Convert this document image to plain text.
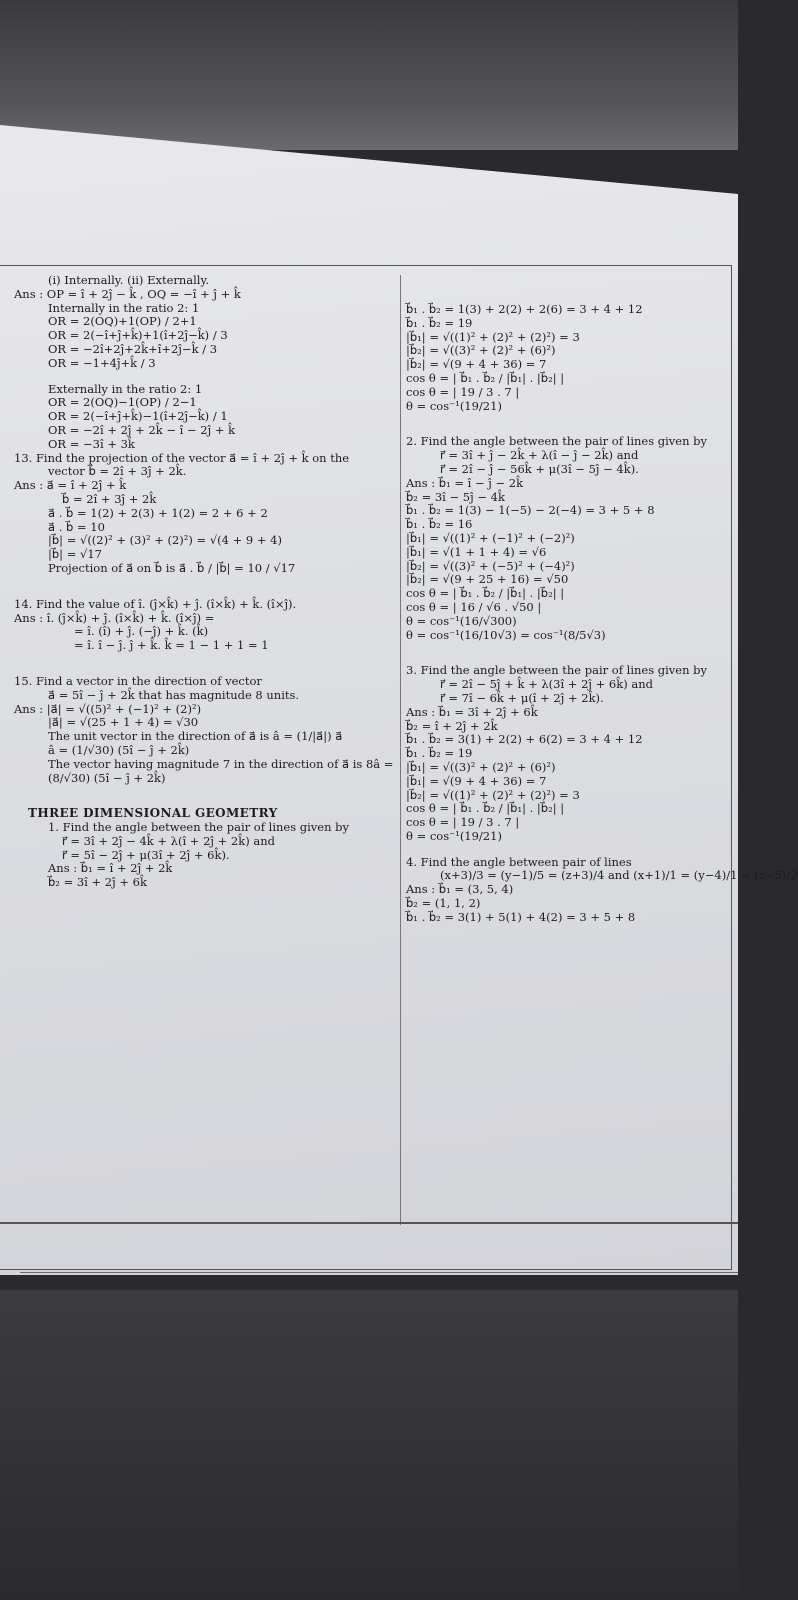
(i) Internally. (ii) Externally.
Ans : OP = î + 2ĵ − k̂ , OQ = −î + ĵ + k̂
Internally in the ratio 2: 1
OR = 2(OQ)+1(OP) / 2+1
OR = 2(−î+ĵ+k̂)+1(î+2ĵ−k̂) / 3
OR = −2î+2ĵ+2k̂+î+2ĵ−k̂ / 3
OR = −1+4ĵ+k̂ / 3
Externally in the ratio 2: 1
OR = 2(OQ)−1(OP) / 2−1
OR = 2(−î+ĵ+k̂)−1(î+2ĵ−k̂) / 1
OR = −2î + 2ĵ + 2k̂ − î − 2ĵ + k̂
OR = −3î + 3k̂
13. Find the projection of the vector a⃗ = î + 2ĵ + k̂ on the
vector b⃗ = 2î + 3ĵ + 2k̂.
Ans : a⃗ = î + 2ĵ + k̂
b⃗ = 2î + 3ĵ + 2k̂
a⃗ . b⃗ = 1(2) + 2(3) + 1(2) = 2 + 6 + 2
a⃗ . b⃗ = 10
|b⃗| = √((2)² + (3)² + (2)²) = √(4 + 9 + 4)
|b⃗| = √17
Projection of a⃗ on b⃗ is a⃗ . b⃗ / |b⃗| = 10 / √17
14. Find the value of î. (ĵ×k̂) + ĵ. (î×k̂) + k̂. (î×ĵ).
Ans : î. (ĵ×k̂) + ĵ. (î×k̂) + k̂. (î×ĵ) =
= î. (î) + ĵ. (−ĵ) + k̂. (k̂)
= î. î − ĵ. ĵ + k̂. k̂ = 1 − 1 + 1 = 1
15. Find a vector in the direction of vector
a⃗ = 5î − ĵ + 2k̂ that has magnitude 8 units.
Ans : |a⃗| = √((5)² + (−1)² + (2)²)
|a⃗| = √(25 + 1 + 4) = √30
The unit vector in the direction of a⃗ is â = (1/|a⃗|) a⃗
â = (1/√30) (5î − ĵ + 2k̂)
The vector having magnitude 7 in the direction of a⃗ is 8â =
(8/√30) (5î − ĵ + 2k̂)
THREE DIMENSIONAL GEOMETRY
1. Find the angle between the pair of lines given by
r⃗ = 3î + 2ĵ − 4k̂ + λ(î + 2ĵ + 2k̂) and
r⃗ = 5î − 2ĵ + μ(3î + 2ĵ + 6k̂).
Ans : b⃗₁ = î + 2ĵ + 2k̂
b⃗₂ = 3î + 2ĵ + 6k̂
b⃗₁ . b⃗₂ = 1(3) + 2(2) + 2(6) = 3 + 4 + 12
b⃗₁ . b⃗₂ = 19
|b⃗₁| = √((1)² + (2)² + (2)²) = 3
|b⃗₂| = √((3)² + (2)² + (6)²)
|b⃗₂| = √(9 + 4 + 36) = 7
cos θ = | b⃗₁ . b⃗₂ / |b⃗₁| . |b⃗₂| |
cos θ = | 19 / 3 . 7 |
θ = cos⁻¹(19/21)
2. Find the angle between the pair of lines given by
r⃗ = 3î + ĵ − 2k̂ + λ(î − ĵ − 2k̂) and
r⃗ = 2î − ĵ − 56k̂ + μ(3î − 5ĵ − 4k̂).
Ans : b⃗₁ = î − ĵ − 2k̂
b⃗₂ = 3î − 5ĵ − 4k̂
b⃗₁ . b⃗₂ = 1(3) − 1(−5) − 2(−4) = 3 + 5 + 8
b⃗₁ . b⃗₂ = 16
|b⃗₁| = √((1)² + (−1)² + (−2)²)
|b⃗₁| = √(1 + 1 + 4) = √6
|b⃗₂| = √((3)² + (−5)² + (−4)²)
|b⃗₂| = √(9 + 25 + 16) = √50
cos θ = | b⃗₁ . b⃗₂ / |b⃗₁| . |b⃗₂| |
cos θ = | 16 / √6 . √50 |
θ = cos⁻¹(16/√300)
θ = cos⁻¹(16/10√3) = cos⁻¹(8/5√3)
3. Find the angle between the pair of lines given by
r⃗ = 2î − 5ĵ + k̂ + λ(3î + 2ĵ + 6k̂) and
r⃗ = 7î − 6k̂ + μ(î + 2ĵ + 2k̂).
Ans : b⃗₁ = 3î + 2ĵ + 6k̂
b⃗₂ = î + 2ĵ + 2k̂
b⃗₁ . b⃗₂ = 3(1) + 2(2) + 6(2) = 3 + 4 + 12
b⃗₁ . b⃗₂ = 19
|b⃗₁| = √((3)² + (2)² + (6)²)
|b⃗₁| = √(9 + 4 + 36) = 7
|b⃗₂| = √((1)² + (2)² + (2)²) = 3
cos θ = | b⃗₁ . b⃗₂ / |b⃗₁| . |b⃗₂| |
cos θ = | 19 / 3 . 7 |
θ = cos⁻¹(19/21)
4. Find the angle between pair of lines
(x+3)/3 = (y−1)/5 = (z+3)/4 and (x+1)/1 = (y−4)/1 = (z−5)/2
Ans : b⃗₁ = (3, 5, 4)
b⃗₂ = (1, 1, 2)
b⃗₁ . b⃗₂ = 3(1) + 5(1) + 4(2) = 3 + 5 + 8
